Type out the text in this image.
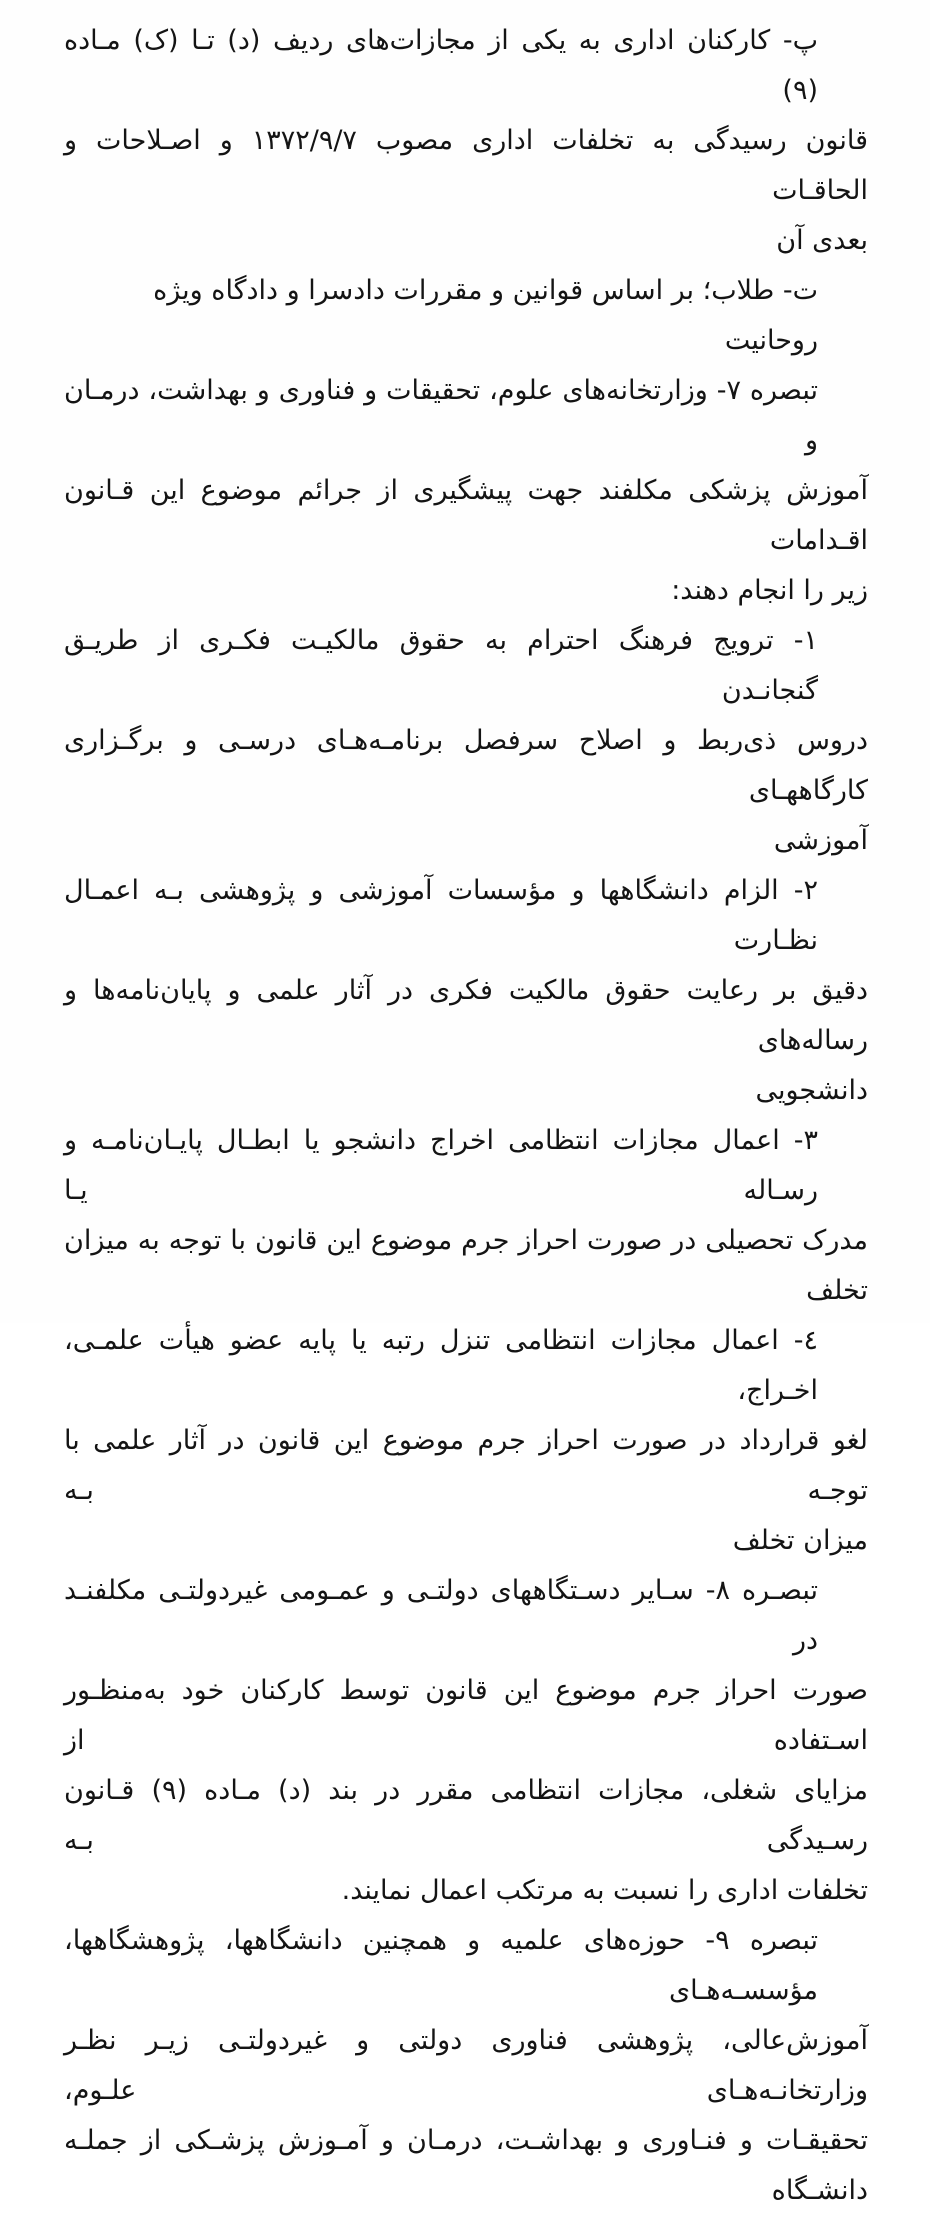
پ- کارکنان اداری به یکی از مجازات‌های ردیف (د) تـا (ک) مـاده (۹)
قانون رسیدگی به تخلفات اداری مصوب ۱۳۷۲/۹/۷ و اصـلاحات و الحاقـات
بعدی آن
ت- طلاب؛ بر اساس قوانین و مقررات دادسرا و دادگاه ویژه روحانیت
تبصره ۷- وزارتخانه‌های علوم، تحقیقات و فناوری و بهداشت، درمـان و
آموزش پزشکی مکلفند جهت پیشگیری از جرائم موضوع این قـانون اقـدامات
زیر را انجام دهند:
۱- ترویج فرهنگ احترام به حقوق مالکیـت فکـری از طریـق گنجانـدن
دروس ذی‌ربط و اصلاح سرفصل برنامـه‌هـای درسـی و برگـزاری کارگاههـای
آموزشی
۲- الزام دانشگاهها و مؤسسات آموزشی و پژوهشی بـه اعمـال نظـارت
دقیق بر رعایت حقوق مالکیت فکری در آثار علمی و پایان‌نامه‌ها و رساله‌های
دانشجویی
۳- اعمال مجازات انتظامی اخراج دانشجو یا ابطـال پایـان‌نامـه و رسـاله یـا
مدرک تحصیلی در صورت احراز جرم موضوع این قانون با توجه به میزان تخلف
٤- اعمال مجازات انتظامی تنزل رتبه یا پایه عضو هیأت علمـی، اخـراج،
لغو قرارداد در صورت احراز جرم موضوع این قانون در آثار علمی با توجـه بـه
میزان تخلف
تبصـره ۸- سـایر دسـتگاههای دولتـی و عمـومی غیردولتـی مکلفنـد در
صورت احراز جرم موضوع این قانون توسط کارکنان خود به‌منظـور اسـتفاده از
مزایای شغلی، مجازات انتظامی مقرر در بند (د) مـاده (۹) قـانون رسـیدگی بـه
تخلفات اداری را نسبت به مرتکب اعمال نمایند.
تبصره ۹- حوزه‌های علمیه و همچنین دانشگاهها، پژوهشگاهها، مؤسسـه‌هـای
آموزش‌عالی، پژوهشی فناوری دولتی و غیردولتـی زیـر نظـر وزارتخانـه‌هـای علـوم،
تحقیقـات و فنـاوری و بهداشـت، درمـان و آمـوزش پزشـکی از جملـه دانشـگاه
